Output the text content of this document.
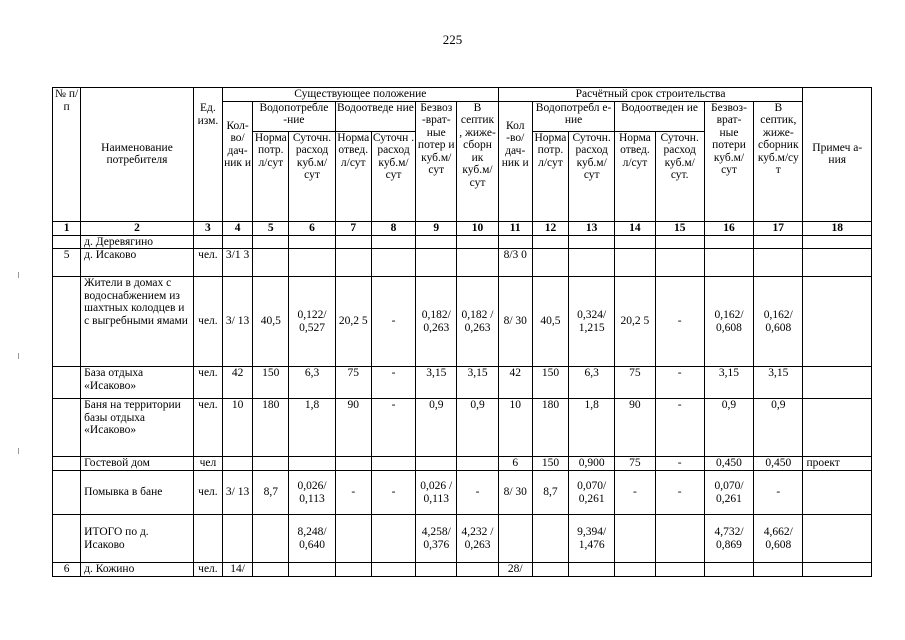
225
№ п/п	Наименование потребителя	Ед. изм.	Существующее положение							Расчётный срок строительства							Примеч а-ния
			Кол-во/ дач-ник и	Водопотребле -ние		Водоотведе ние		Безвоз -врат-ные потер и куб.м/ сут	В септик , жиже-сборн ик куб.м/ сут	Кол -во/ дач- ник и	Водопотребл е-ние		Водоотведен ие		Безвоз- врат- ные потери куб.м/ сут	В септик, жиже- сборник куб.м/су т	
				Норма потр. л/сут	Суточн. расход куб.м/ сут	Норма отвед. л/сут	Суточн . расход куб.м/ сут				Норма потр. л/сут	Суточн. расход куб.м/ сут	Норма отвед. л/сут	Суточн. расход куб.м/ сут.			
1	2	3	4	5	6	7	8	9	10	11	12	13	14	15	16	17	18
	д. Деревягино																
5	д. Исаково	чел.	3/1 3							8/3 0							
	Жители в домах с водоснабжением из шахтных колодцев и с выгребными ямами	чел.	3/ 13	40,5	0,122/ 0,527	20,2 5	-	0,182/ 0,263	0,182 / 0,263	8/ 30	40,5	0,324/ 1,215	20,2 5	-	0,162/ 0,608	0,162/ 0,608	
	База отдыха «Исаково»	чел.	42	150	6,3	75	-	3,15	3,15	42	150	6,3	75	-	3,15	3,15	
	Баня на территории базы отдыха «Исаково»	чел.	10	180	1,8	90	-	0,9	0,9	10	180	1,8	90	-	0,9	0,9	
	Гостевой дом	чел								6	150	0,900	75	-	0,450	0,450	проект
	Помывка в бане	чел.	3/ 13	8,7	0,026/ 0,113	-	-	0,026 / 0,113	-	8/ 30	8,7	0,070/ 0,261	-	-	0,070/ 0,261	-	
	ИТОГО по д. Исаково				8,248/ 0,640			4,258/ 0,376	4,232 / 0,263			9,394/ 1,476			4,732/ 0,869	4,662/ 0,608	
6	д. Кожино	чел.	14/							28/							
